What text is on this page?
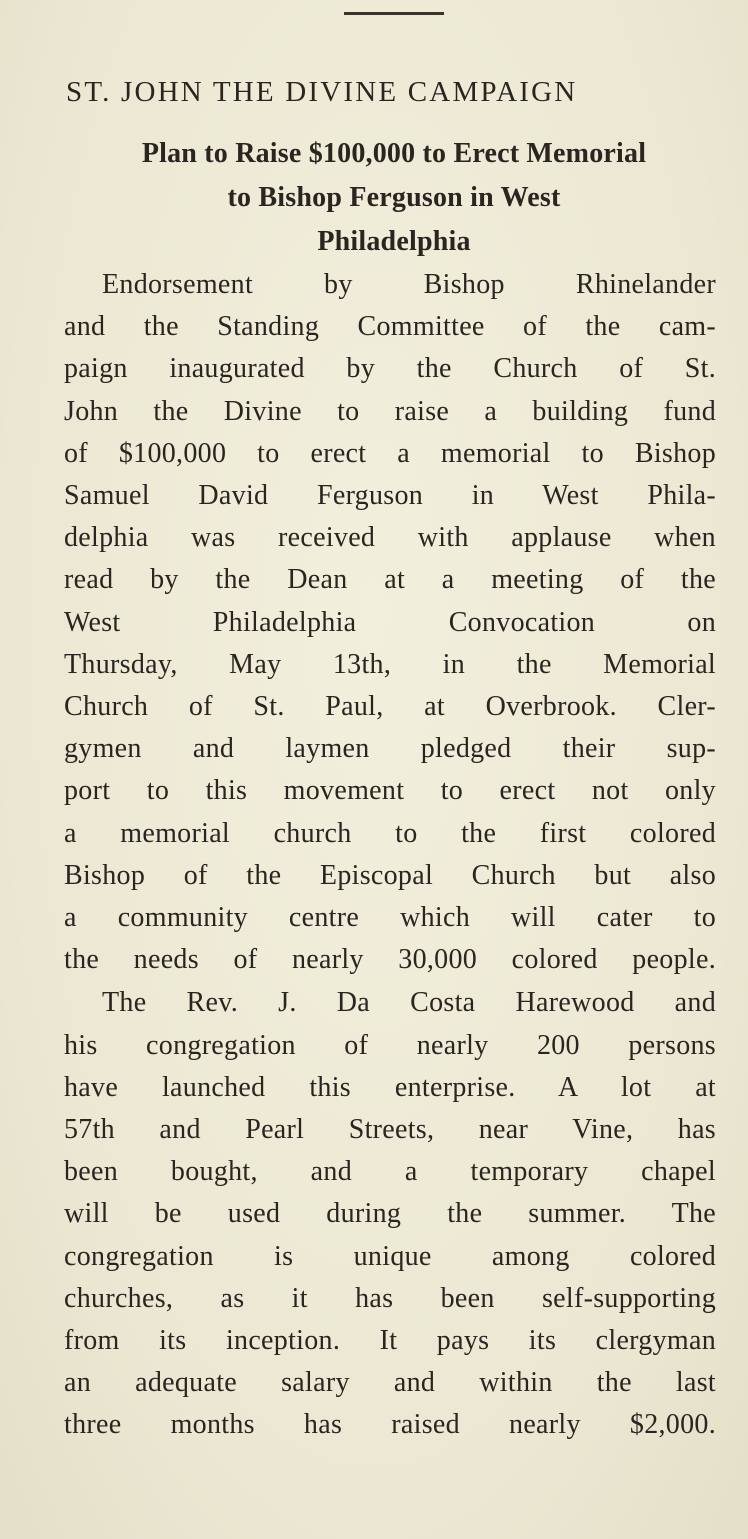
ST. JOHN THE DIVINE CAMPAIGN
Plan to Raise $100,000 to Erect Memorial
to Bishop Ferguson in West
Philadelphia

Endorsement by Bishop Rhinelander
and the Standing Committee of the cam-
paign inaugurated by the Church of St.
John the Divine to raise a building fund
of $100,000 to erect a memorial to Bishop
Samuel David Ferguson in West Phila-
delphia was received with applause when
read by the Dean at a meeting of the
West Philadelphia Convocation on
Thursday, May 13th, in the Memorial
Church of St. Paul, at Overbrook. Cler-
gymen and laymen pledged their sup-
port to this movement to erect not only
a memorial church to the first colored
Bishop of the Episcopal Church but also
a community centre which will cater to
the needs of nearly 30,000 colored people.

The Rev. J. Da Costa Harewood and
his congregation of nearly 200 persons
have launched this enterprise. A lot at
57th and Pearl Streets, near Vine, has
been bought, and a temporary chapel
will be used during the summer. The
congregation is unique among colored
churches, as it has been self-supporting
from its inception. It pays its clergyman
an adequate salary and within the last
three months has raised nearly $2,000.
